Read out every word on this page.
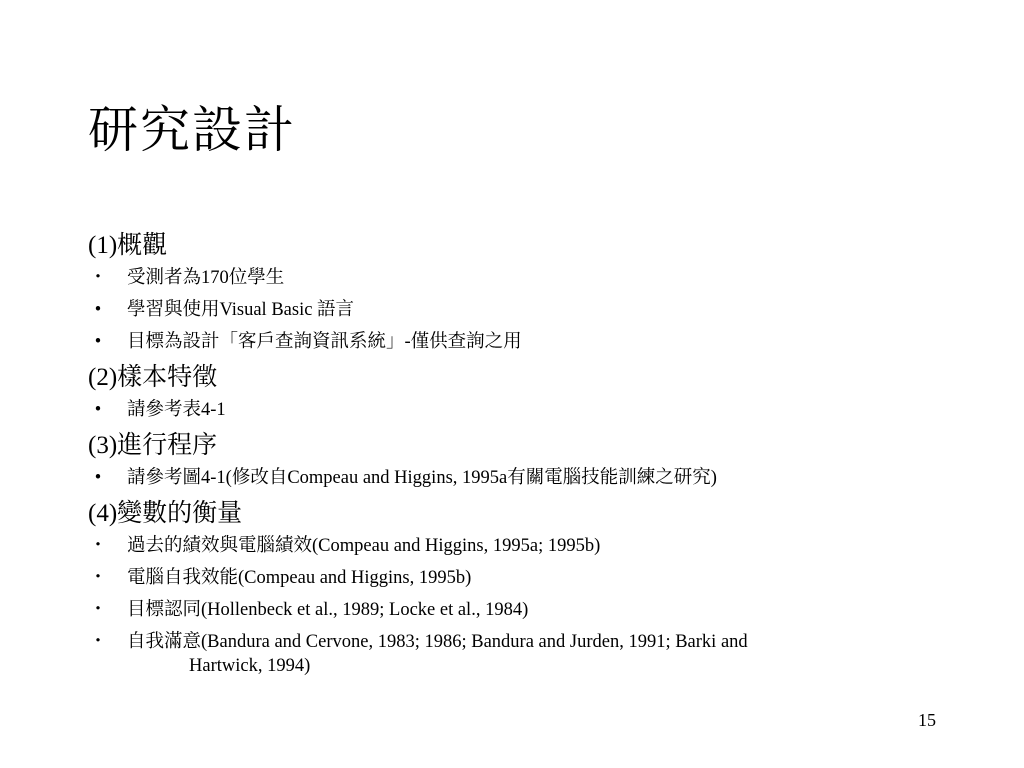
研究設計
(1)概觀
・ 受測者為170位學生
•	學習與使用Visual Basic 語言
•	目標為設計「客戶查詢資訊系統」-僅供查詢之用
(2)樣本特徵
•	請參考表4-1
(3)進行程序
•	請參考圖4-1(修改自Compeau and Higgins, 1995a有關電腦技能訓練之研究)
(4)變數的衡量
・ 過去的績效與電腦績效(Compeau and Higgins, 1995a; 1995b)
・ 電腦自我效能(Compeau and Higgins, 1995b)
・ 目標認同(Hollenbeck et al., 1989; Locke et al., 1984)
・ 自我滿意(Bandura and Cervone, 1983; 1986; Bandura and Jurden, 1991; Barki and
Hartwick, 1994)
15
